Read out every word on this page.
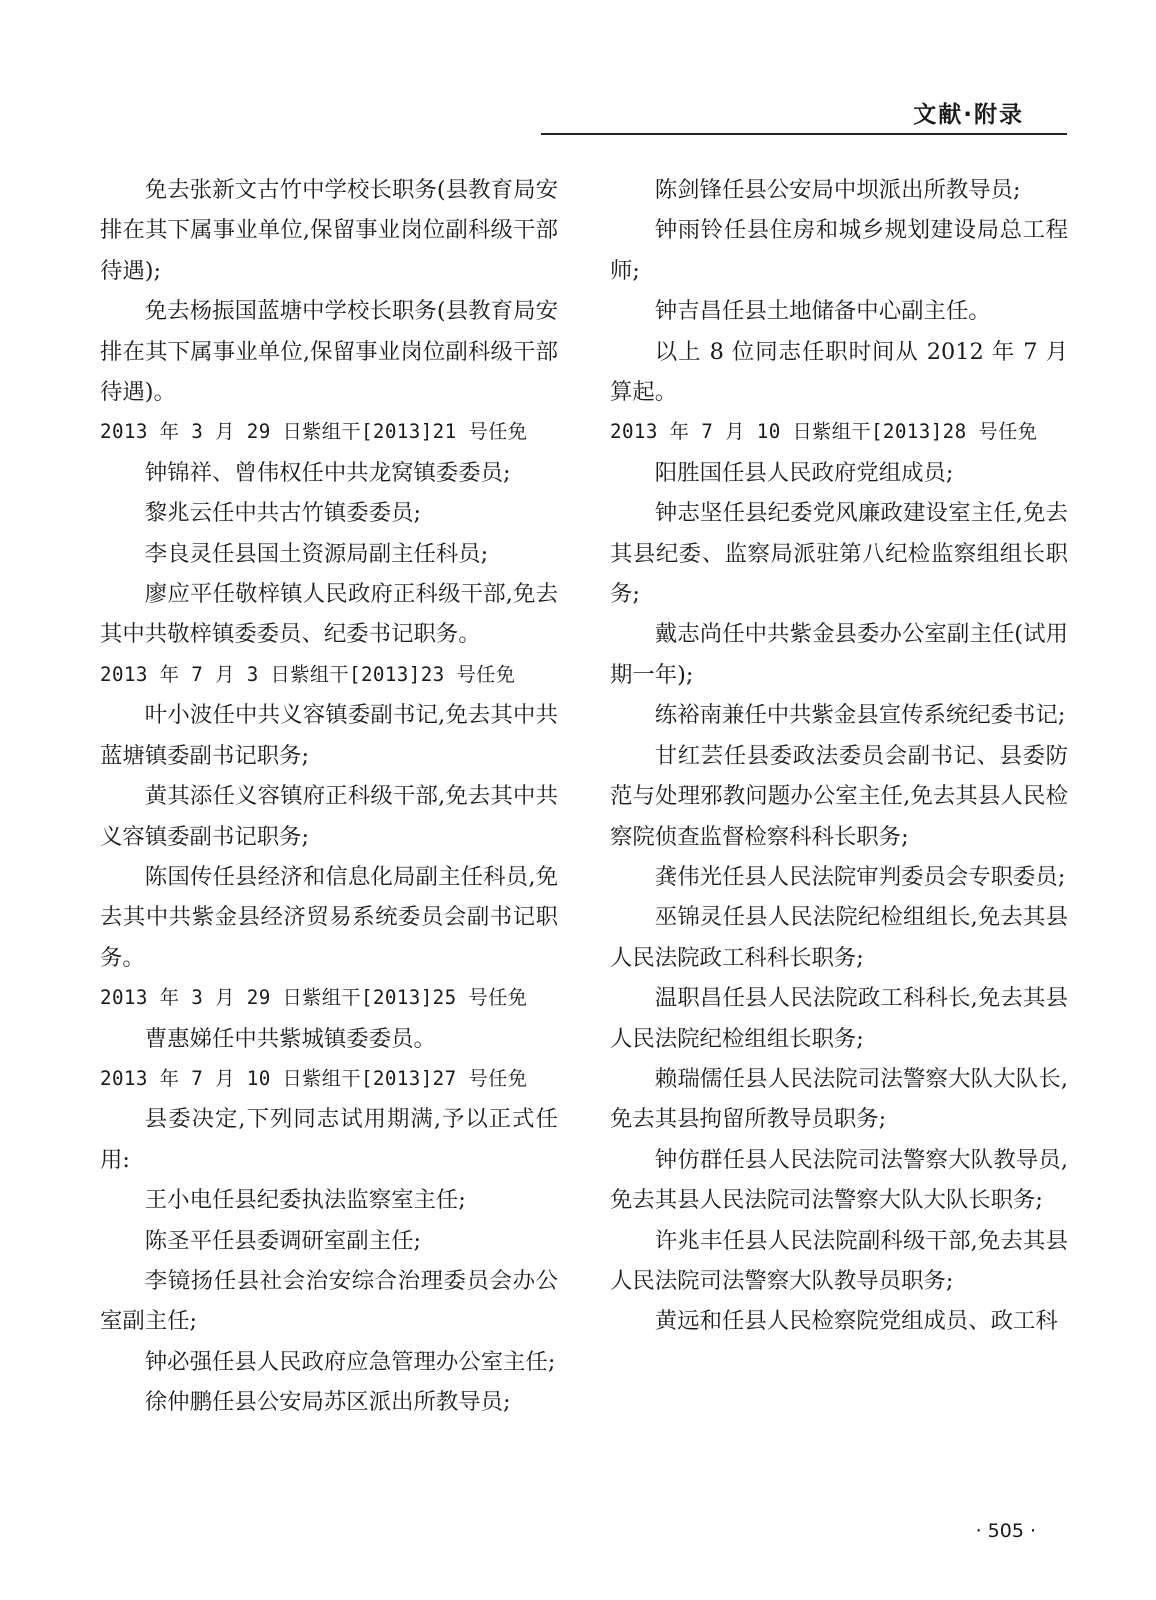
文献·附录

免去张新文古竹中学校长职务(县教育局安排在其下属事业单位,保留事业岗位副科级干部待遇);

免去杨振国蓝塘中学校长职务(县教育局安排在其下属事业单位,保留事业岗位副科级干部待遇)。

2013 年 3 月 29 日紫组干[2013]21 号任免

钟锦祥、曾伟权任中共龙窝镇委委员;

黎兆云任中共古竹镇委委员;

李良灵任县国土资源局副主任科员;

廖应平任敬梓镇人民政府正科级干部,免去其中共敬梓镇委委员、纪委书记职务。

2013 年 7 月 3 日紫组干[2013]23 号任免

叶小波任中共义容镇委副书记,免去其中共蓝塘镇委副书记职务;

黄其添任义容镇府正科级干部,免去其中共义容镇委副书记职务;

陈国传任县经济和信息化局副主任科员,免去其中共紫金县经济贸易系统委员会副书记职务。

2013 年 3 月 29 日紫组干[2013]25 号任免

曹惠娣任中共紫城镇委委员。

2013 年 7 月 10 日紫组干[2013]27 号任免

县委决定,下列同志试用期满,予以正式任用:

王小电任县纪委执法监察室主任;

陈圣平任县委调研室副主任;

李镜扬任县社会治安综合治理委员会办公室副主任;

钟必强任县人民政府应急管理办公室主任;

徐仲鹏任县公安局苏区派出所教导员;

陈剑锋任县公安局中坝派出所教导员;

钟雨铃任县住房和城乡规划建设局总工程师;

钟吉昌任县土地储备中心副主任。

以上 8 位同志任职时间从 2012 年 7 月算起。

2013 年 7 月 10 日紫组干[2013]28 号任免

阳胜国任县人民政府党组成员;

钟志坚任县纪委党风廉政建设室主任,免去其县纪委、监察局派驻第八纪检监察组组长职务;

戴志尚任中共紫金县委办公室副主任(试用期一年);

练裕南兼任中共紫金县宣传系统纪委书记;

甘红芸任县委政法委员会副书记、县委防范与处理邪教问题办公室主任,免去其县人民检察院侦查监督检察科科长职务;

龚伟光任县人民法院审判委员会专职委员;

巫锦灵任县人民法院纪检组组长,免去其县人民法院政工科科长职务;

温职昌任县人民法院政工科科长,免去其县人民法院纪检组组长职务;

赖瑞儒任县人民法院司法警察大队大队长,免去其县拘留所教导员职务;

钟仿群任县人民法院司法警察大队教导员,免去其县人民法院司法警察大队大队长职务;

许兆丰任县人民法院副科级干部,免去其县人民法院司法警察大队教导员职务;

黄远和任县人民检察院党组成员、政工科

· 505 ·
